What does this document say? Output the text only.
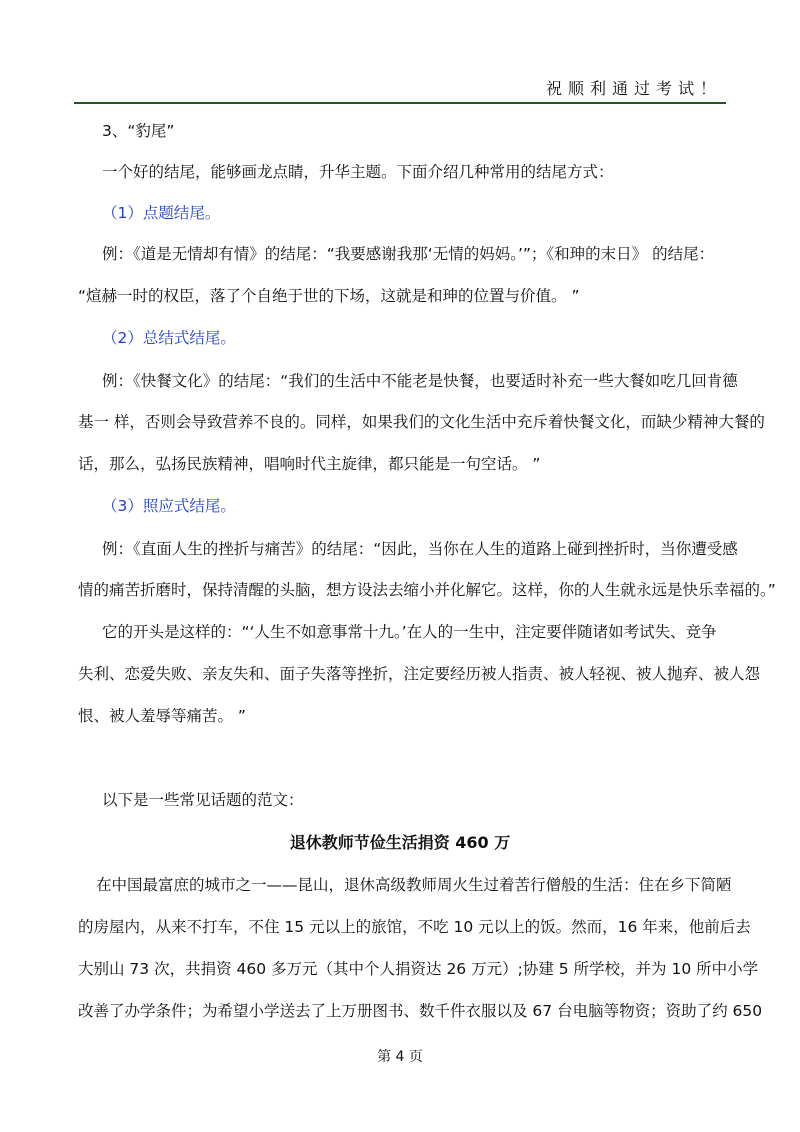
祝顺利通过考试！
3、“豹尾”
一个好的结尾，能够画龙点睛，升华主题。下面介绍几种常用的结尾方式：
（1）点题结尾。
例：《道是无情却有情》的结尾：“我要感谢我那‘无情的妈妈。’”；《和珅的末日》 的结尾：
“煊赫一时的权臣，落了个自绝于世的下场，这就是和珅的位置与价值。 ”
（2）总结式结尾。
例：《快餐文化》的结尾：“我们的生活中不能老是快餐，也要适时补充一些大餐如吃几回肯德
基一 样，否则会导致营养不良的。同样，如果我们的文化生活中充斥着快餐文化，而缺少精神大餐的
话，那么，弘扬民族精神，唱响时代主旋律，都只能是一句空话。 ”
（3）照应式结尾。
例：《直面人生的挫折与痛苦》的结尾：“因此，当你在人生的道路上碰到挫折时，当你遭受感
情的痛苦折磨时，保持清醒的头脑，想方设法去缩小并化解它。这样，你的人生就永远是快乐幸福的。”
它的开头是这样的：“‘人生不如意事常十九。’在人的一生中，注定要伴随诸如考试失、竞争
失利、恋爱失败、亲友失和、面子失落等挫折，注定要经历被人指责、被人轻视、被人抛弃、被人怨
恨、被人羞辱等痛苦。 ”
以下是一些常见话题的范文：
退休教师节俭生活捐资 460 万
在中国最富庶的城市之一——昆山，退休高级教师周火生过着苦行僧般的生活：住在乡下简陋
的房屋内，从来不打车，不住 15 元以上的旅馆，不吃 10 元以上的饭。然而，16 年来，他前后去
大别山 73 次，共捐资 460 多万元（其中个人捐资达 26 万元）;协建 5 所学校，并为 10 所中小学
改善了办学条件；为希望小学送去了上万册图书、数千件衣服以及 67 台电脑等物资；资助了约 650
第 4 页
